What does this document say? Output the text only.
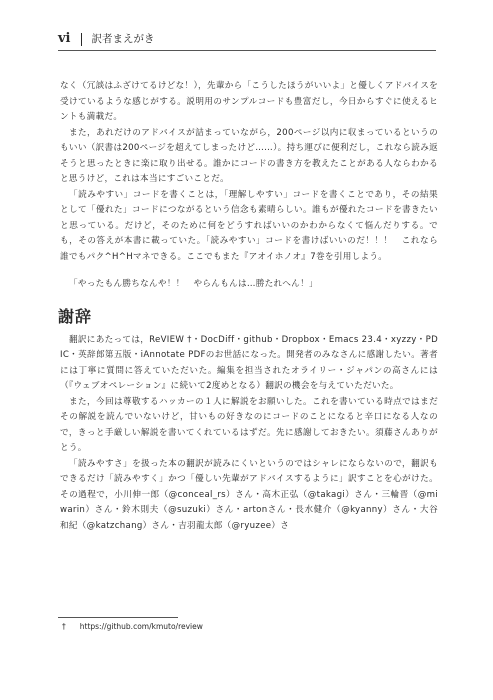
vi 訳者まえがき

なく（冗談はふざけてるけどな！），先輩から「こうしたほうがいいよ」と優しくアドバイスを受けているような感じがする。説明用のサンプルコードも豊富だし，今日からすぐに使えるヒントも満載だ。

また，あれだけのアドバイスが詰まっていながら，200ページ以内に収まっているというのもいい（訳書は200ページを超えてしまったけど……）。持ち運びに便利だし，これなら読み返そうと思ったときに楽に取り出せる。誰かにコードの書き方を教えたことがある人ならわかると思うけど，これは本当にすごいことだ。

「読みやすい」コードを書くことは，「理解しやすい」コードを書くことであり，その結果として「優れた」コードにつながるという信念も素晴らしい。誰もが優れたコードを書きたいと思っている。だけど，そのために何をどうすればいいのかわからなくて悩んだりする。でも，その答えが本書に載っていた。「読みやすい」コードを書けばいいのだ！！！　これなら誰でもパク^H^Hマネできる。ここでもまた『アオイホノオ』7巻を引用しよう。

「やったもん勝ちなんや！！　やらんもんは…勝たれへん！」

謝辞

翻訳にあたっては，ReVIEW †・DocDiff・github・Dropbox・Emacs 23.4・xyzzy・PDIC・英辞郎第五版・iAnnotate PDFのお世話になった。開発者のみなさんに感謝したい。著者には丁寧に質問に答えていただいた。編集を担当されたオライリー・ジャパンの高さんには（『ウェブオペレーション』に続いて2度めとなる）翻訳の機会を与えていただいた。

また，今回は尊敬するハッカーの１人に解説をお願いした。これを書いている時点ではまだその解説を読んでいないけど，甘いもの好きなのにコードのことになると辛口になる人なので，きっと手厳しい解説を書いてくれているはずだ。先に感謝しておきたい。須藤さんありがとう。

「読みやすさ」を扱った本の翻訳が読みにくいというのではシャレにならないので，翻訳もできるだけ「読みやすく」かつ「優しい先輩がアドバイスするように」訳すことを心がけた。その過程で，小川伸一郎（@conceal_rs）さん・高木正弘（@takagi）さん・三輪晋（@miwarin）さん・鈴木則夫（@suzuki）さん・artonさん・長水健介（@kyanny）さん・大谷和紀（@katzchang）さん・吉羽龍太郎（@ryuzee）さ

† https://github.com/kmuto/review
